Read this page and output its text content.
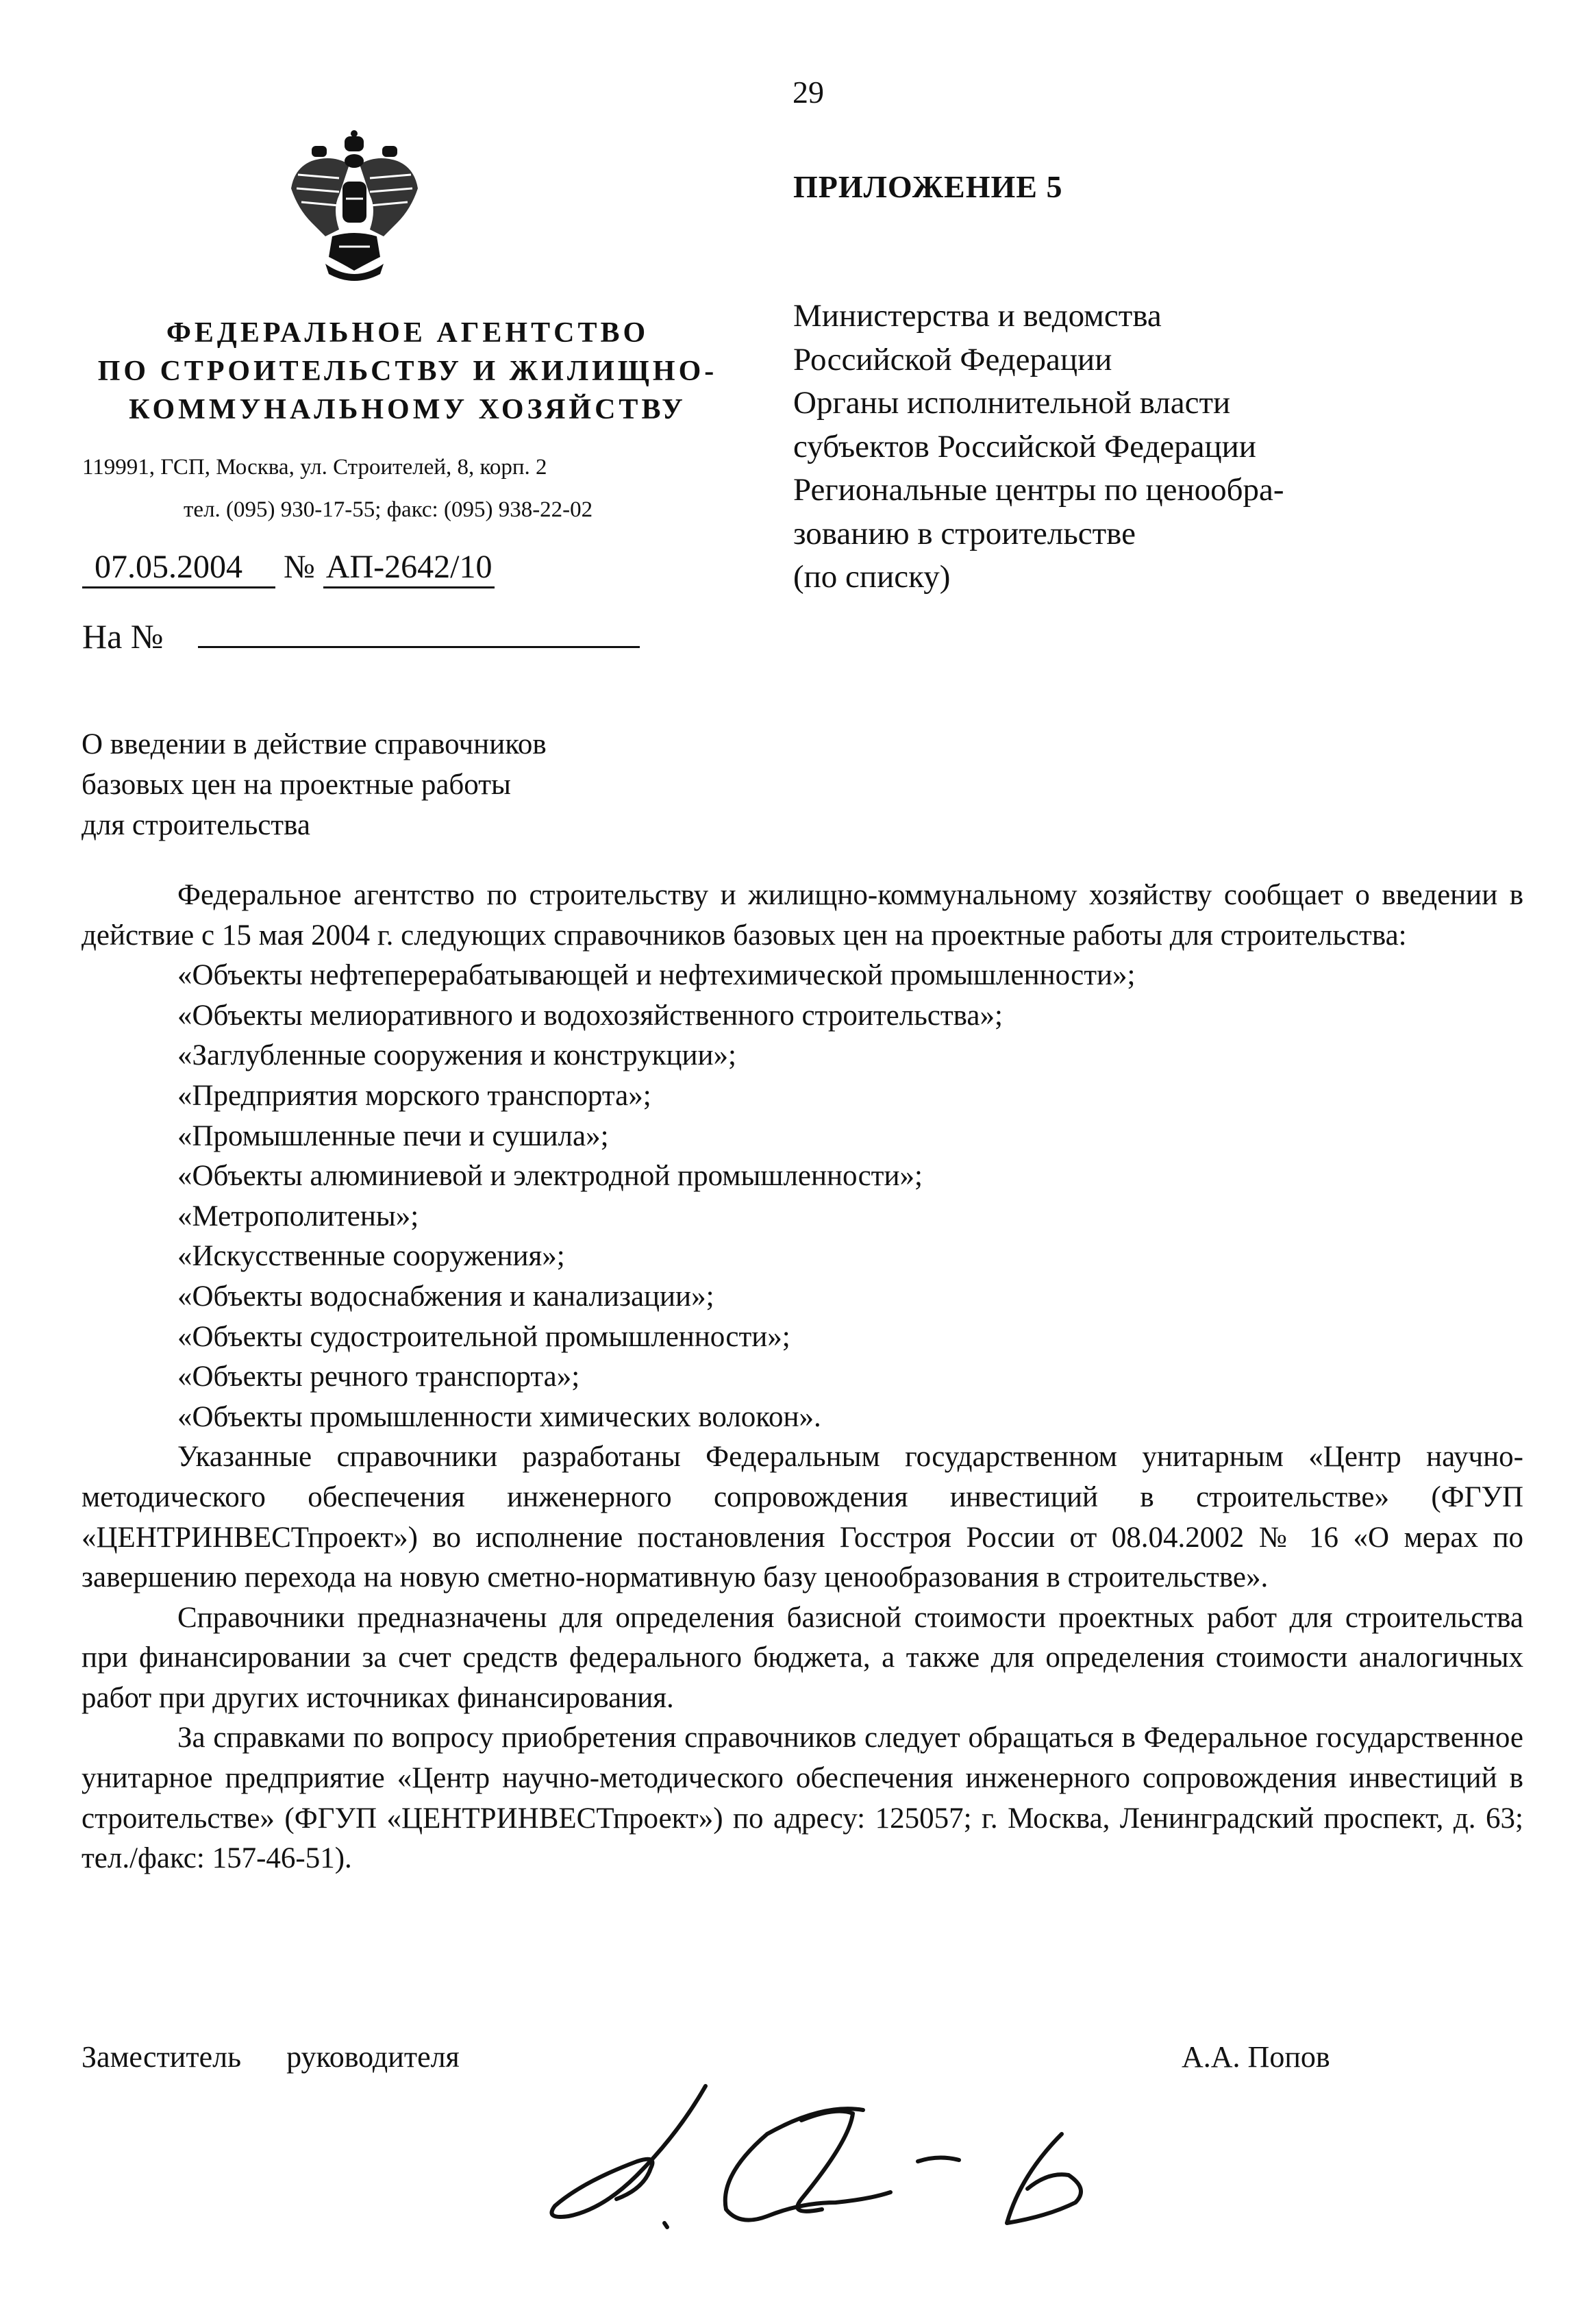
29
ПРИЛОЖЕНИЕ 5
ФЕДЕРАЛЬНОЕ АГЕНТСТВО
ПО СТРОИТЕЛЬСТВУ И ЖИЛИЩНО-
КОММУНАЛЬНОМУ ХОЗЯЙСТВУ
119991, ГСП, Москва, ул. Строителей, 8, корп. 2
тел. (095) 930-17-55; факс: (095) 938-22-02
07.05.2004 № АП-2642/10
На №
Министерства и ведомства
Российской Федерации
Органы исполнительной власти
субъектов Российской Федерации
Региональные центры по ценообра-
зованию в строительстве
(по списку)
О введении в действие справочников
базовых цен на проектные работы
для строительства

Федеральное агентство по строительству и жилищно-коммунальному хозяйству сообщает о введении в действие с 15 мая 2004 г. следующих справочников базовых цен на проектные работы для строительства:

«Объекты нефтеперерабатывающей и нефтехимической промышленности»;
«Объекты мелиоративного и водохозяйственного строительства»;
«Заглубленные сооружения и конструкции»;
«Предприятия морского транспорта»;
«Промышленные печи и сушила»;
«Объекты алюминиевой и электродной промышленности»;
«Метрополитены»;
«Искусственные сооружения»;
«Объекты водоснабжения и канализации»;
«Объекты судостроительной промышленности»;
«Объекты речного транспорта»;
«Объекты промышленности химических волокон».

Указанные справочники разработаны Федеральным государственном унитарным «Центр научно-методического обеспечения инженерного сопровождения инвестиций в строительстве» (ФГУП «ЦЕНТРИНВЕСТпроект») во исполнение постановления Госстроя России от 08.04.2002 № 16 «О мерах по завершению перехода на новую сметно-нормативную базу ценообразования в строительстве».

Справочники предназначены для определения базисной стоимости проектных работ для строительства при финансировании за счет средств федерального бюджета, а также для определения стоимости аналогичных работ при других источниках финансирования.

За справками по вопросу приобретения справочников следует обращаться в Федеральное государственное унитарное предприятие «Центр научно-методического обеспечения инженерного сопровождения инвестиций в строительстве» (ФГУП «ЦЕНТРИНВЕСТпроект») по адресу: 125057; г. Москва, Ленинградский проспект, д. 63; тел./факс: 157-46-51).

Заместитель руководителя	А.А. Попов
